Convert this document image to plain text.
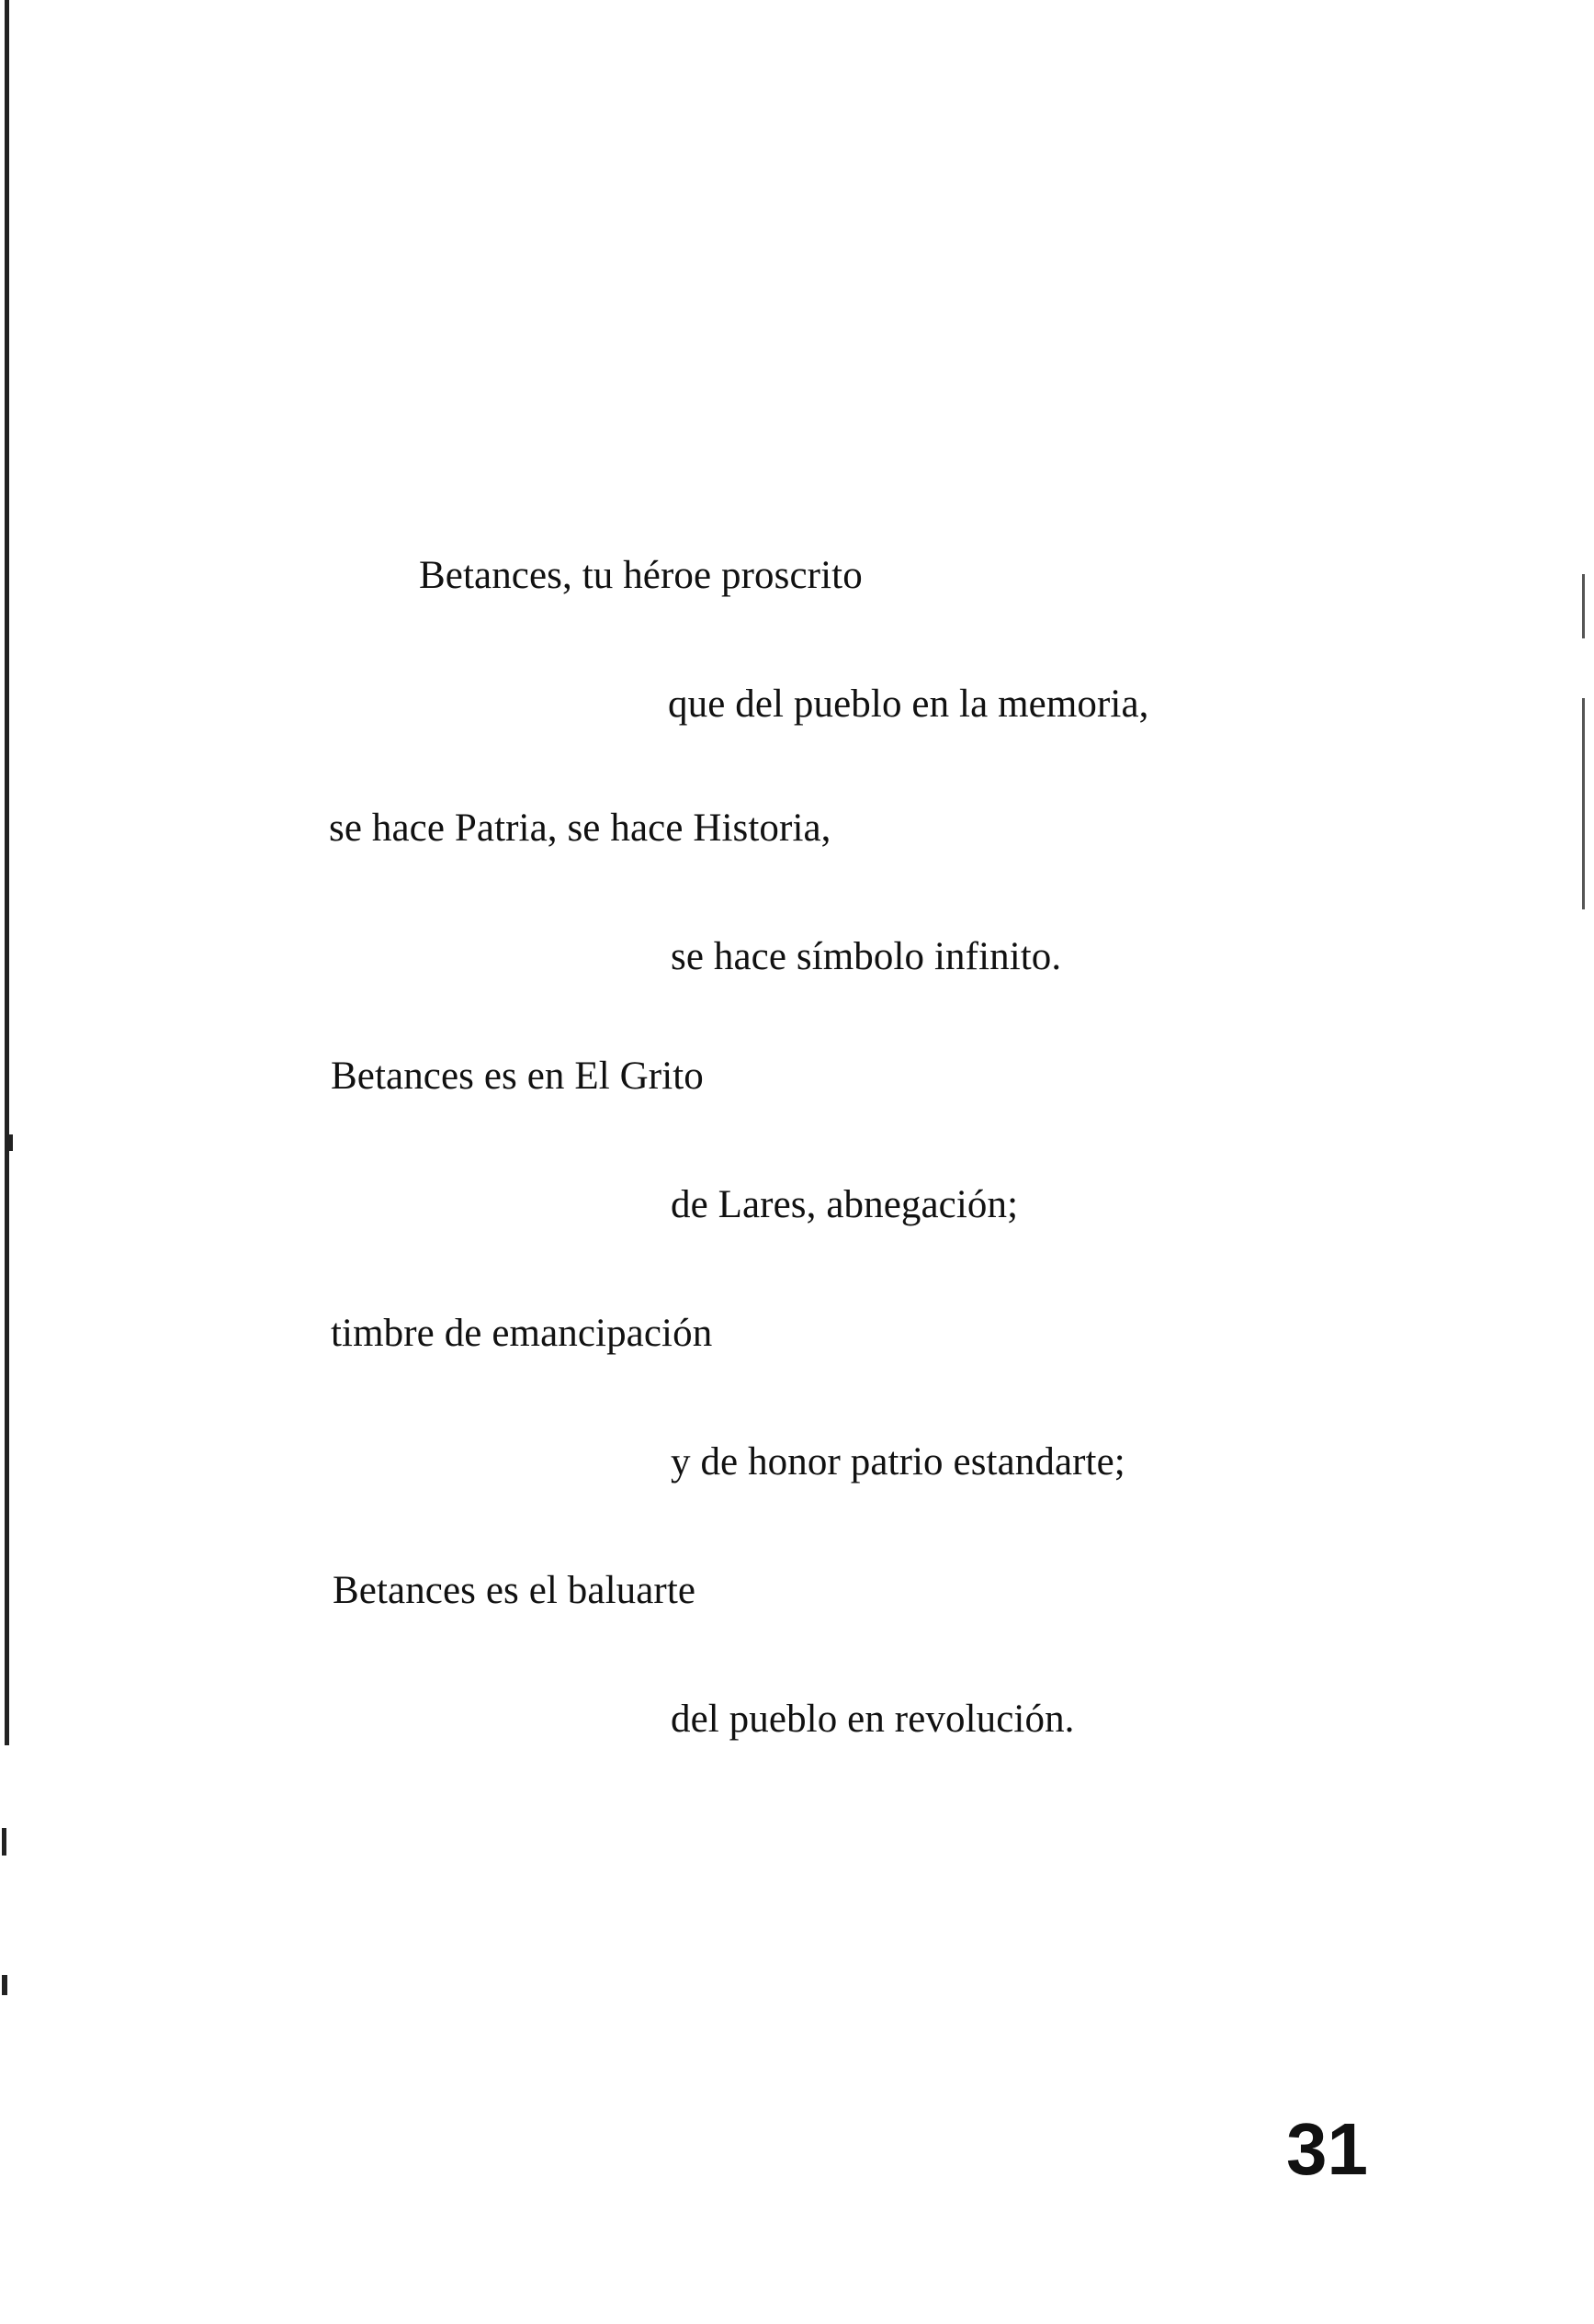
Betances, tu héroe proscrito
que del pueblo en la memoria,
se hace Patria, se hace Historia,
se hace símbolo infinito.
Betances es en El Grito
de Lares, abnegación;
timbre de emancipación
y de honor patrio estandarte;
Betances es el baluarte
del pueblo en revolución.
31
